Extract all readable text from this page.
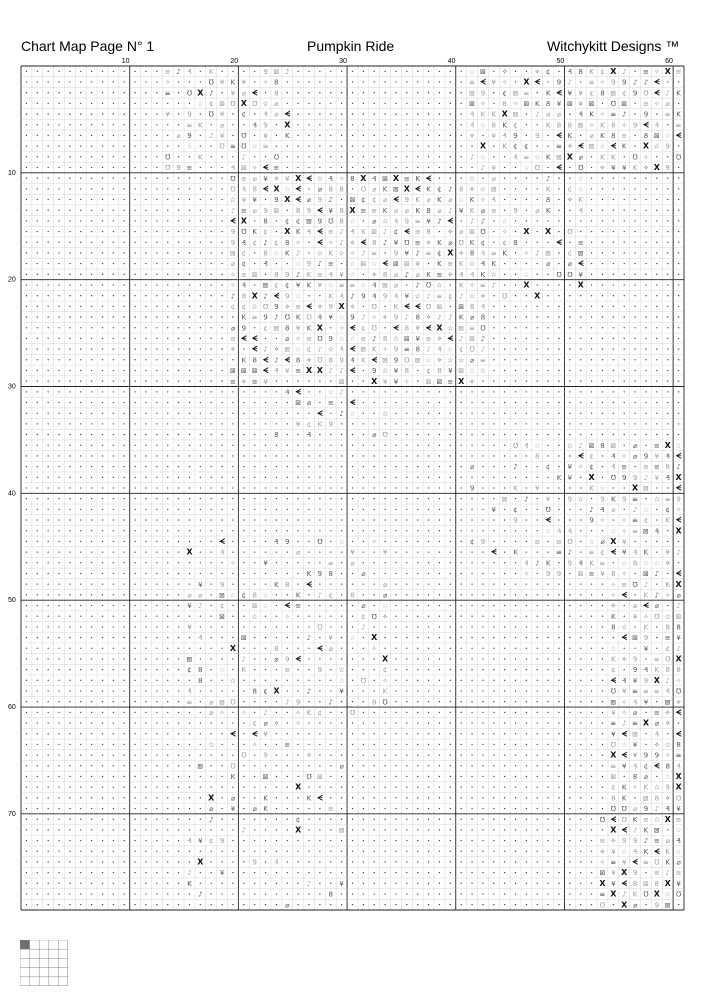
Chart Map Page N° 1	Pumpkin Ride	Witchykitt Designs ™
10	20	30	40	50	60
10
20
30
40
50
60
70
≡ ♪ ₰ K	9 ⊠ ♪	☆ ⊠ ✧	✧ ¢ ₰ 8 K ¢ X ♪ ≡ ✧ X ≡
✧	℧ ¥ K ¥ ✧ 8	≡ ᗕ ¥ ✧ X ᗕ 9 ♪ ≡ ✧ 9 9 ♪ ♪ ᗕ
≡ ℧ X ♪ ¥ ⌀ ᗕ 8	⊠ 9 ¢ ⊠ ≡ K ᗕ ¥ ¥ ¢ 8 ⊠ ¢ 9 ℧ ᗕ ♪ K
☆ ¢ ⊠ ℧ X ℧ ☆ ⌀	⊠ ✧ 8 ✧ ⊠ K 8 ¥ ⊠ ¥ ⊠ ℧ ⊠ ≡ ✧ ⌀
¥ 9 ℧ ¥ ¢ ₰ ⌀ ᗕ	₰ K K X ⊠ ♪ ⌀ ⌀ ₰ K ✧ ≡ ♪ 9 ≡ K
≡ K ⌀	₰ 9 X	₰ ☆ 8 K ¢	K 8 8 ⊠ ✧ K 8 ✧ 9 ᗕ ₰ ≡
⌀ 9 ♪ ¥ ℧ ¥ K	✧ ¥ ₰ 9 9 ᗕ K ⌀ K 8 ≡ 8 ⊠ ☆ ᗕ
☆	℧ ≡ ℧ ☆ ≡	X K ¢ ¢	≡ ✧ ᗕ ⊠ ☆ ᗕ K X ☆ 9
℧	K	♪	℧	♪ ☆	₰ ≡ ☆ K ⊠ X ⌀ K K ℧ ✧	℧
℧ 9 ≡	₰ ⊠ ✧ ᗕ ≡	♪ ¥	☆ ℧ ᗕ ℧ ✧ ¥ ¥ K ✧ X 9
℧ ≡ ⌀ ¥ ✧ ¥ X ᗕ ☆ ₰ ✧ 8 X ₰ ⊠ X ≡ K ᗕ	☆ ⌀	♪	☆
℧ ₰ 8 ᗕ X ☆ ᗕ ⌀ 8 8 ℧ ⌀ K ⊠ X ᗕ K ¢ ♪ 8 ✧ ☆ ⊠	K ¢ ☆
☆ ¥ ¥ 9 X ᗕ ⌀ 9 ♪ ⊠ ¢ ¢ ⌀ ᗕ 9 K ⌀ K ⌀ ☆ K ✧ ₰	8 ✧ K
♪ ≡ ⌀ 9 ⊠ 8 9 ᗕ ¥ 8 X ≡ ≡ K ⌀ ⌀ K 8 ⌀ ♪ ¥ K ⌀ ≡ 9 ⌀ K	₰
ᗕ X 8 ¢ ¢ ⊠ 9 ℧ 8 ☆ ⌀ ☆ ₰ 9 ≡ ¥ ♪ ᗕ ♪ ♪ ☆
9 ℧ K ¢ X K ₰ ᗕ ≡ ♪ ₰ K ⊠ ♪ ¢ ᗕ ≡ 8 ✧ ⌀ ⊠ ℧ ✧ X X ℧
9 ₰ ¢ ♪ ¢ 8 ✧ ᗕ ✧ ♪ ✧ ᗕ 8 ♪ ¥ ℧ ≡ ✧ K ⌀ ℧ K ¢ ¢ 8	ᗕ ≡
⊠ ¢ 8 ☆ K ♪ ☆ K ☆ ✧ ♪ ≡ 9 ¥ ♪ ≡ ¢ X ✧ 8 ₰ ≡ K ✧ ♪ ⊠ ¢ ⊠
⌀ ¢ ₰	☆ 9 ♪ ≡ ☆ ⊠ ☆ ᗕ ⊠ ⊠ ¥ K ≡ K ☆ ₰ K	⌀	⌀ ᗕ
✧ ≡ ⊠ 8 9 ♪ K ≡ ₰ ¥ ☆ ✧ 8 ⌀ ♪ ⌀ K ≡ ✧ ₰ ₰ K ☆	☆	℧ ℧ ¥
✧ ₰ ⊠ ¢ ¢ ¥ K ¥ ☆ ≡ ≡ ☆ ₰ ⊠ ⌀ ♪ ℧ ☆ K ✧ ≡ ♪	X	X
♪ 8 X ♪ ᗕ 9 ☆	K ₰ ♪ 9 ₰ 9 ₰ ¥ ☆ ♪ ≡ ¢ ♪ ☆ ✧ ℧	X
¢ ¢ ☆ ℧ 9 ✧ ≡ ᗕ ✧ 9 X ✧ ℧ K ᗕ ᗕ ℧ ⊠ ⊠ 8 ₰
K ≡ 9 ♪ ℧ K ℧ ₰ ¥ ☆ 9 ♪ ✧ ✧ 9 ♪ 8 ✧ ♪ ♪ K ⌀ 8
⌀ 9 ¢ ⊠ 8 ¥ K X ✧ ᗕ ¢ ℧ ᗕ 8 ¥ ᗕ X ☆ ⊠ ≡ ℧
≡ ᗕ ᗕ	⌀ ✧ ≡ ℧ 9 ☆ ☆ ≡ ♪ 8 ☆ ⊠ ¥ ≡ ✧ ᗕ ♪ ⊠ ♪
✧ ᗕ ♪ ✧ ⊠ ☆ ¢ ♪ ☆ ₰ ᗕ ⊠ K ✧ 9 ≡ 8 ♪ ₰ ☆ ¢ ℧ ♪
K 8 ᗕ ♪ ᗕ 8 ✧ ℧ 8 9 ₰ K ᗕ ⊠ 9 ℧ ⊠ ☆ ✧ ☆ ☆ ⌀ ≡
⊠ ⊠ ⊠ ᗕ ₰ ¥ ≡ X X ♪ ♪ ᗕ 9 ☆ ¥ 8 ¢ 8 ¥ ⊠ ☆ ☆
≡ ✧ ≡ ¥	⊠	X ¥ ¥ ✧ ⊠ ⊠ ≡ X ✧
₰ ᗕ	☆ ♪
⊠ ⌀ ≡ ᗕ
ᗕ ♪ ☆	☆
¥ ¢ K 9
8	₰	⌀ ℧
℧ ₰ ☆	☆ ♪ ⊠ 8 ⊠ ⌀ ≡ X ☆
8	ᗕ ¢ ₰ ✧ ⌀ 9 ¥ ₰ ᗕ
⌀	♪	¢ ¥ ✧ ¢ ₰ ≡ ≡ ≡ 8 ♪
K ¥ X ℧ 9 9 ♪ ¥ ₰ X
9	K ¥	K ☆	X ⊠	ᗕ
⊠ ♪ ¥ 9 ☆ 9 K 9 ≡ ☆ ≡ 9
¥ ¢	℧	♪ ₰ ⌀ ♪ ☆ ¢ ✧
9	ᗕ	9 ✧ ✧ ≡ ¢ K ᗕ
☆ ₰ ₰	☆ ✧ ≡ ⊠ ₰ X
ᗕ	₰ 9	℧ ☆	✧	¢ 9	≡ ≡ ℧ ☆ ⌀ X ¥
X	₰	⌀	¥	¥	ᗕ K	≡ ♪ ≡ ¢ ᗕ ¥ ₰ K ¥ ♪
✧	¥	≡ ⌀	₰ ♪ K 9 ₰ K ≡ ☆ 8 ☆ ☆ ✧
K 9 8	⌀	✧ 9 9 ⊠ ≡ ¥ 8 ✧ ⊠ ♪ ᗕ
¥ 9	K 8 ᗕ	⌀	✧ ≡ ℧ ♪ K X
⌀ ⌀ ⊠ ☆ ¢ 8 ☆	K ♪ ¢ 8	⌀	✧ ᗕ K ♪ ✧ ⌀
¥ ♪ ¢	⊠ ☆ ᗕ ≡	⌀ ☆	✧ ⌀ ᗕ ⌀ ♪
⊠	☆	✧	¢ ℧ ✧	K ¥ ✧ ℧ ☆ ⊠
¥	℧	♪	8 ☆ K 8 8
₰	⊠	♪ ¥ ☆ X	ᗕ ⊠ 9 ≡ ¥
X	8	ᗕ ⌀	✧	☆	¥ ¢ ♪
⊠	♪	⌀ 9 ᗕ	X	K ✧ 9 ≡ ℧ X
¢ 8 ☆ K	≡	9 ☆	¢	¢ 9 ₰ K 8 8
8	☆	☆ ℧ ✧	ᗕ ₰ ¥ 9 X ♪ ✧
₰	8 ¢ X	♪	¥	K	℧ ¥ ≡ ≡ ≡ ₰ ℧
≡ ⌀ ⊠ ℧	♪ 9	♪	8 ℧	⊠ ✧ ₰ ¥ ⊠ ✧
⌀ ✧ ✧ ♪	✧ K ¢	℧	¥ ✧ ⌀ ≡ ✧ ᗕ
¢ ⌀ ✧ ✧	≡ ♪ ≡ X ⌀ ✧
ᗕ ᗕ ¥	¥ ᗕ ⊠ ₰ ᗕ
☆	✧	≡	℧ ☆ ¥ ✧ ☆ 8
℧ 9	✧	X ᗕ ¥ 9 9 ✧ ≡
⊠	℧	⌀	≡ ¥ ₰ ¢ ᗕ 8 ₰
K	⊠	℧ ⊠	⊠ 8 ⌀ ☆ X
X	¢ K ✧ K ☆ 9 X
X ⌀	K	K ᗕ	8 K ⊠ 8 ✧ ℧
⌀ ¥ ⌀ K	≡	℧ ℧ ⌀ 9 ♪ ₰ ¥
♪	¢	℧ ᗕ ℧ K ≡ ☆ X ≡
♪	X	⊠	X ᗕ ♪ K ⊠ ☆
₰ ¥ ¢ 9	≡ ✧ 9 9 ♪ ≡ ⌀ ₰
✧ ¥ ☆ ₰ K ᗕ K ☆
X	9 ₰	✧ ≡ ¥ ᗕ ≡ ℧ K ⌀
♪	¥	⊠ ¥ X 9 ≡ ♪ ≡
K	♪	¥	X ¥ ᗕ 8 ⊠ 8 X ¥
♪	8	≡ X ♪ K ℧ X ☆ ℧
⌀	℧ X ⌀ 9 ⊠
